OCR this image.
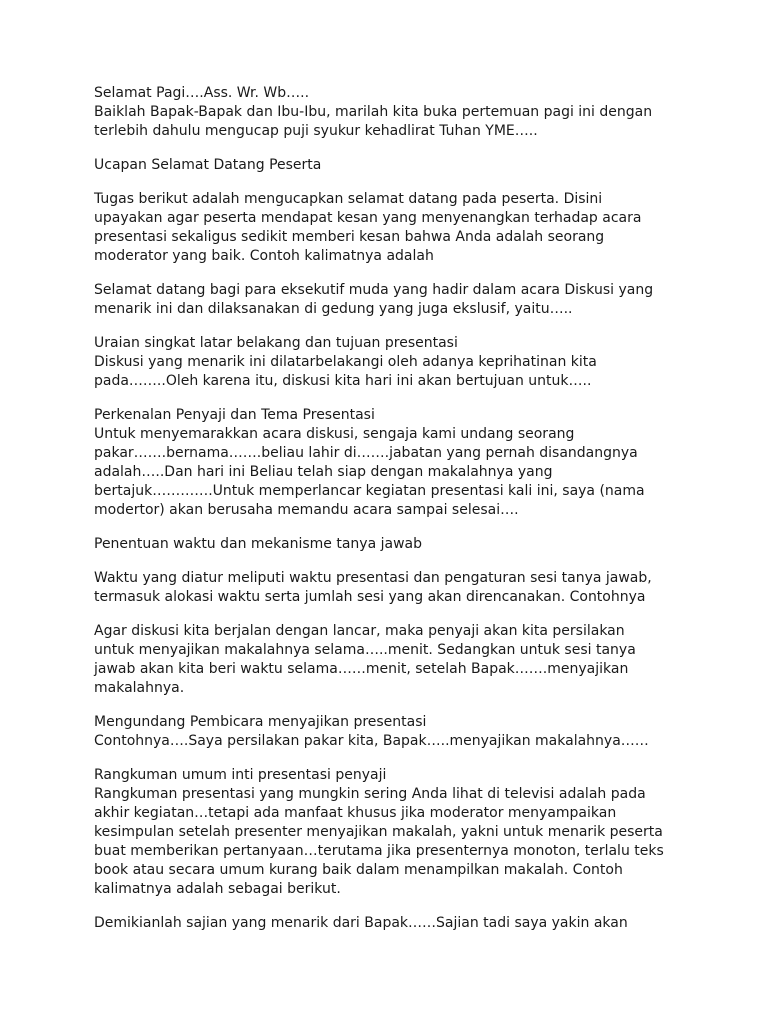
Selamat Pagi….Ass. Wr. Wb…..
Baiklah Bapak-Bapak dan Ibu-Ibu, marilah kita buka pertemuan pagi ini dengan
terlebih dahulu mengucap puji syukur kehadlirat Tuhan YME…..
Ucapan Selamat Datang Peserta
Tugas berikut adalah mengucapkan selamat datang pada peserta. Disini
upayakan agar peserta mendapat kesan yang menyenangkan terhadap acara
presentasi sekaligus sedikit memberi kesan bahwa Anda adalah seorang
moderator yang baik. Contoh kalimatnya adalah
Selamat datang bagi para eksekutif muda yang hadir dalam acara Diskusi yang
menarik ini dan dilaksanakan di gedung yang juga ekslusif, yaitu…..
Uraian singkat latar belakang dan tujuan presentasi
Diskusi yang menarik ini dilatarbelakangi oleh adanya keprihatinan kita
pada……..Oleh karena itu, diskusi kita hari ini akan bertujuan untuk…..
Perkenalan Penyaji dan Tema Presentasi
Untuk menyemarakkan acara diskusi, sengaja kami undang seorang
pakar…….bernama…….beliau lahir di…….jabatan yang pernah disandangnya
adalah…..Dan hari ini Beliau telah siap dengan makalahnya yang
bertajuk………….Untuk memperlancar kegiatan presentasi kali ini, saya (nama
modertor) akan berusaha memandu acara sampai selesai….
Penentuan waktu dan mekanisme tanya jawab
Waktu yang diatur meliputi waktu presentasi dan pengaturan sesi tanya jawab,
termasuk alokasi waktu serta jumlah sesi yang akan direncanakan. Contohnya
Agar diskusi kita berjalan dengan lancar, maka penyaji akan kita persilakan
untuk menyajikan makalahnya selama…..menit. Sedangkan untuk sesi tanya
jawab akan kita beri waktu selama……menit, setelah Bapak…….menyajikan
makalahnya.
Mengundang Pembicara menyajikan presentasi
Contohnya….Saya persilakan pakar kita, Bapak…..menyajikan makalahnya……
Rangkuman umum inti presentasi penyaji
Rangkuman presentasi yang mungkin sering Anda lihat di televisi adalah pada
akhir kegiatan…tetapi ada manfaat khusus jika moderator menyampaikan
kesimpulan setelah presenter menyajikan makalah, yakni untuk menarik peserta
buat memberikan pertanyaan…terutama jika presenternya monoton, terlalu teks
book atau secara umum kurang baik dalam menampilkan makalah. Contoh
kalimatnya adalah sebagai berikut.
Demikianlah sajian yang menarik dari Bapak……Sajian tadi saya yakin akan
